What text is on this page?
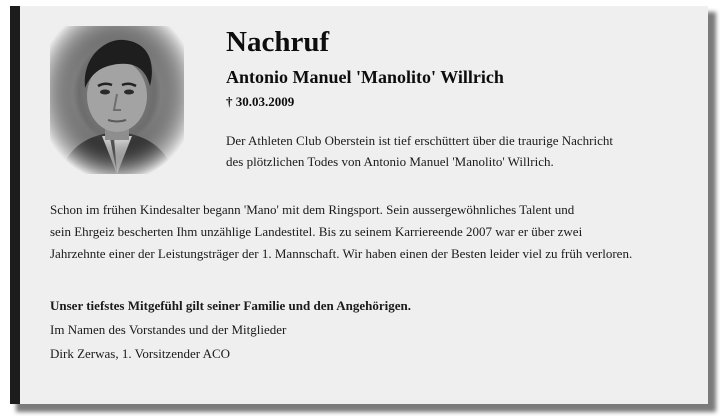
Nachruf
Antonio Manuel 'Manolito' Willrich

† 30.03.2009

Der Athleten Club Oberstein ist tief erschüttert über die traurige Nachricht
des plötzlichen Todes von Antonio Manuel 'Manolito' Willrich.
Schon im frühen Kindesalter begann 'Mano' mit dem Ringsport. Sein aussergewöhnliches Talent und
sein Ehrgeiz bescherten Ihm unzählige Landestitel. Bis zu seinem Karriereende 2007 war er über zwei
Jahrzehnte einer der Leistungsträger der 1. Mannschaft. Wir haben einen der Besten leider viel zu früh verloren.
Unser tiefstes Mitgefühl gilt seiner Familie und den Angehörigen.
Im Namen des Vorstandes und der Mitglieder
Dirk Zerwas, 1. Vorsitzender ACO
